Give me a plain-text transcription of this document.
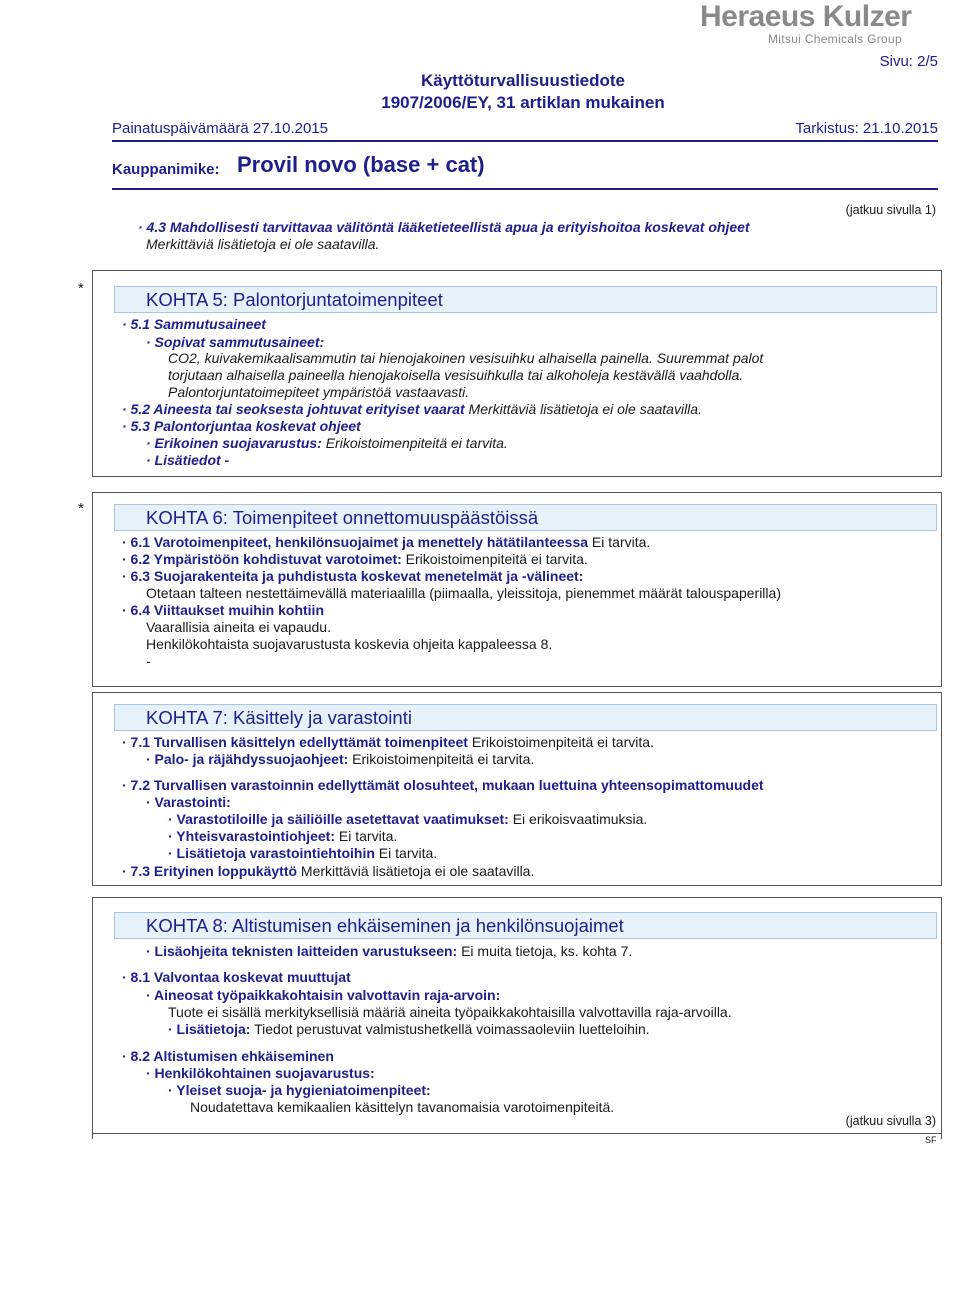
Heraeus Kulzer
Mitsui Chemicals Group
Sivu: 2/5
Käyttöturvallisuustiedote
1907/2006/EY, 31 artiklan mukainen
Painatuspäivämäärä 27.10.2015	Tarkistus: 21.10.2015
Kauppanimike: Provil novo (base + cat)
(jatkuu sivulla 1)
· 4.3 Mahdollisesti tarvittavaa välitöntä lääketieteellistä apua ja erityishoitoa koskevat ohjeet
Merkittäviä lisätietoja ei ole saatavilla.
*
KOHTA 5: Palontorjuntatoimenpiteet
· 5.1 Sammutusaineet
· Sopivat sammutusaineet:
CO2, kuivakemikaalisammutin tai hienojakoinen vesisuihku alhaisella painella. Suuremmat palot
torjutaan alhaisella paineella hienojakoisella vesisuihkulla tai alkoholeja kestävällä vaahdolla.
Palontorjuntatoimepiteet ympäristöä vastaavasti.
· 5.2 Aineesta tai seoksesta johtuvat erityiset vaarat Merkittäviä lisätietoja ei ole saatavilla.
· 5.3 Palontorjuntaa koskevat ohjeet
· Erikoinen suojavarustus: Erikoistoimenpiteitä ei tarvita.
· Lisätiedot -
*	KOHTA 6: Toimenpiteet onnettomuuspäästöissä
· 6.1 Varotoimenpiteet, henkilönsuojaimet ja menettely hätätilanteessa Ei tarvita.
· 6.2 Ympäristöön kohdistuvat varotoimet: Erikoistoimenpiteitä ei tarvita.
· 6.3 Suojarakenteita ja puhdistusta koskevat menetelmät ja -välineet:
Otetaan talteen nestettäimevällä materiaalilla (piimaalla, yleissitoja, pienemmet määrät talouspaperilla)
· 6.4 Viittaukset muihin kohtiin
Vaarallisia aineita ei vapaudu.
Henkilökohtaista suojavarustusta koskevia ohjeita kappaleessa 8.
-
KOHTA 7: Käsittely ja varastointi
· 7.1 Turvallisen käsittelyn edellyttämät toimenpiteet Erikoistoimenpiteitä ei tarvita.
· Palo- ja räjähdyssuojaohjeet: Erikoistoimenpiteitä ei tarvita.
· 7.2 Turvallisen varastoinnin edellyttämät olosuhteet, mukaan luettuina yhteensopimattomuudet
· Varastointi:
· Varastotiloille ja säiliöille asetettavat vaatimukset: Ei erikoisvaatimuksia.
· Yhteisvarastointiohjeet: Ei tarvita.
· Lisätietoja varastointiehtoihin Ei tarvita.
· 7.3 Erityinen loppukäyttö Merkittäviä lisätietoja ei ole saatavilla.
KOHTA 8: Altistumisen ehkäiseminen ja henkilönsuojaimet
· Lisäohjeita teknisten laitteiden varustukseen: Ei muita tietoja, ks. kohta 7.
· 8.1 Valvontaa koskevat muuttujat
· Aineosat työpaikkakohtaisin valvottavin raja-arvoin:
Tuote ei sisällä merkityksellisiä määriä aineita työpaikkakohtaisilla valvottavilla raja-arvoilla.
· Lisätietoja: Tiedot perustuvat valmistushetkellä voimassaoleviin luetteloihin.
· 8.2 Altistumisen ehkäiseminen
· Henkilökohtainen suojavarustus:
· Yleiset suoja- ja hygieniatoimenpiteet:
Noudatettava kemikaalien käsittelyn tavanomaisia varotoimenpiteitä.
(jatkuu sivulla 3)
SF
